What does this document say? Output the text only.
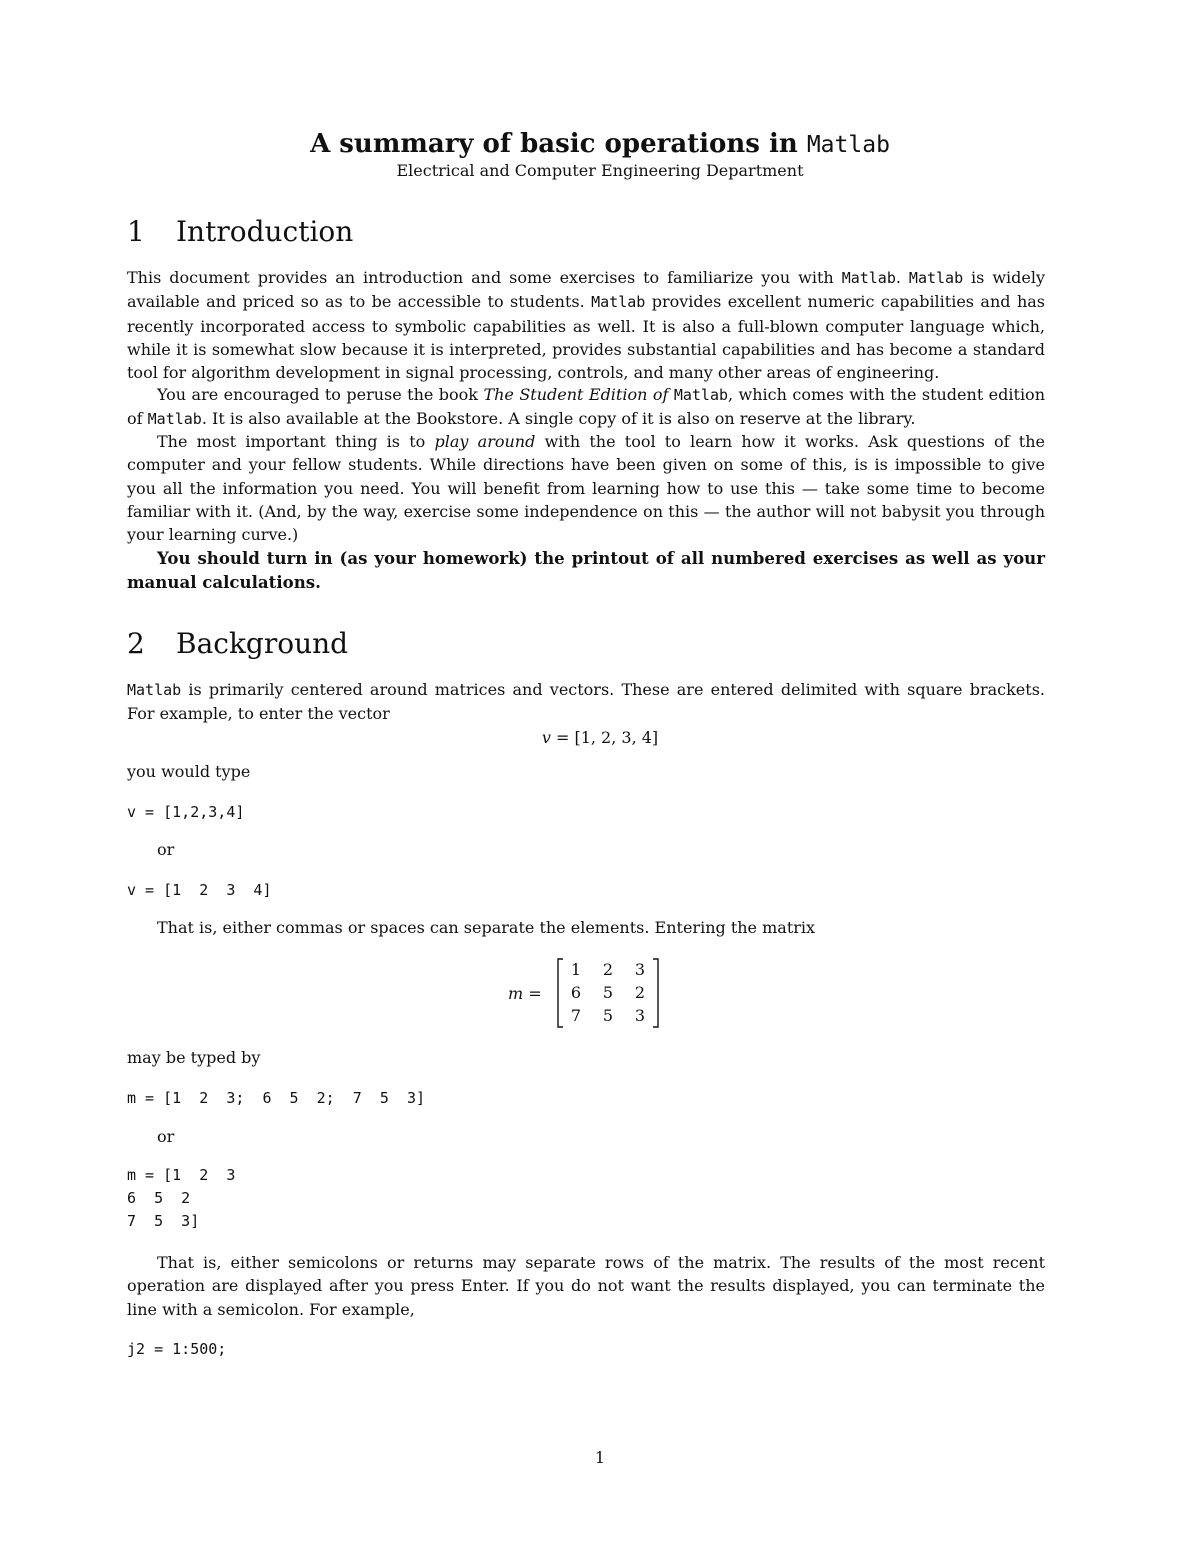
A summary of basic operations in Matlab
Electrical and Computer Engineering Department
1 Introduction
This document provides an introduction and some exercises to familiarize you with Matlab. Matlab is widely available and priced so as to be accessible to students. Matlab provides excellent numeric capabilities and has recently incorporated access to symbolic capabilities as well. It is also a full-blown computer language which, while it is somewhat slow because it is interpreted, provides substantial capabilities and has become a standard tool for algorithm development in signal processing, controls, and many other areas of engineering.
You are encouraged to peruse the book The Student Edition of Matlab, which comes with the student edition of Matlab. It is also available at the Bookstore. A single copy of it is also on reserve at the library.
The most important thing is to play around with the tool to learn how it works. Ask questions of the computer and your fellow students. While directions have been given on some of this, is is impossible to give you all the information you need. You will benefit from learning how to use this — take some time to become familiar with it. (And, by the way, exercise some independence on this — the author will not babysit you through your learning curve.)
You should turn in (as your homework) the printout of all numbered exercises as well as your manual calculations.
2 Background
Matlab is primarily centered around matrices and vectors. These are entered delimited with square brackets. For example, to enter the vector
v = [1, 2, 3, 4]
you would type
v = [1,2,3,4]
or
v = [1  2  3  4]
That is, either commas or spaces can separate the elements. Entering the matrix
m =
1 2 3
6 5 2
7 5 3
may be typed by
m = [1  2  3;  6  5  2;  7  5  3]
or
m = [1  2  3
6  5  2
7  5  3]
That is, either semicolons or returns may separate rows of the matrix. The results of the most recent operation are displayed after you press Enter. If you do not want the results displayed, you can terminate the line with a semicolon. For example,
j2 = 1:500;
1
